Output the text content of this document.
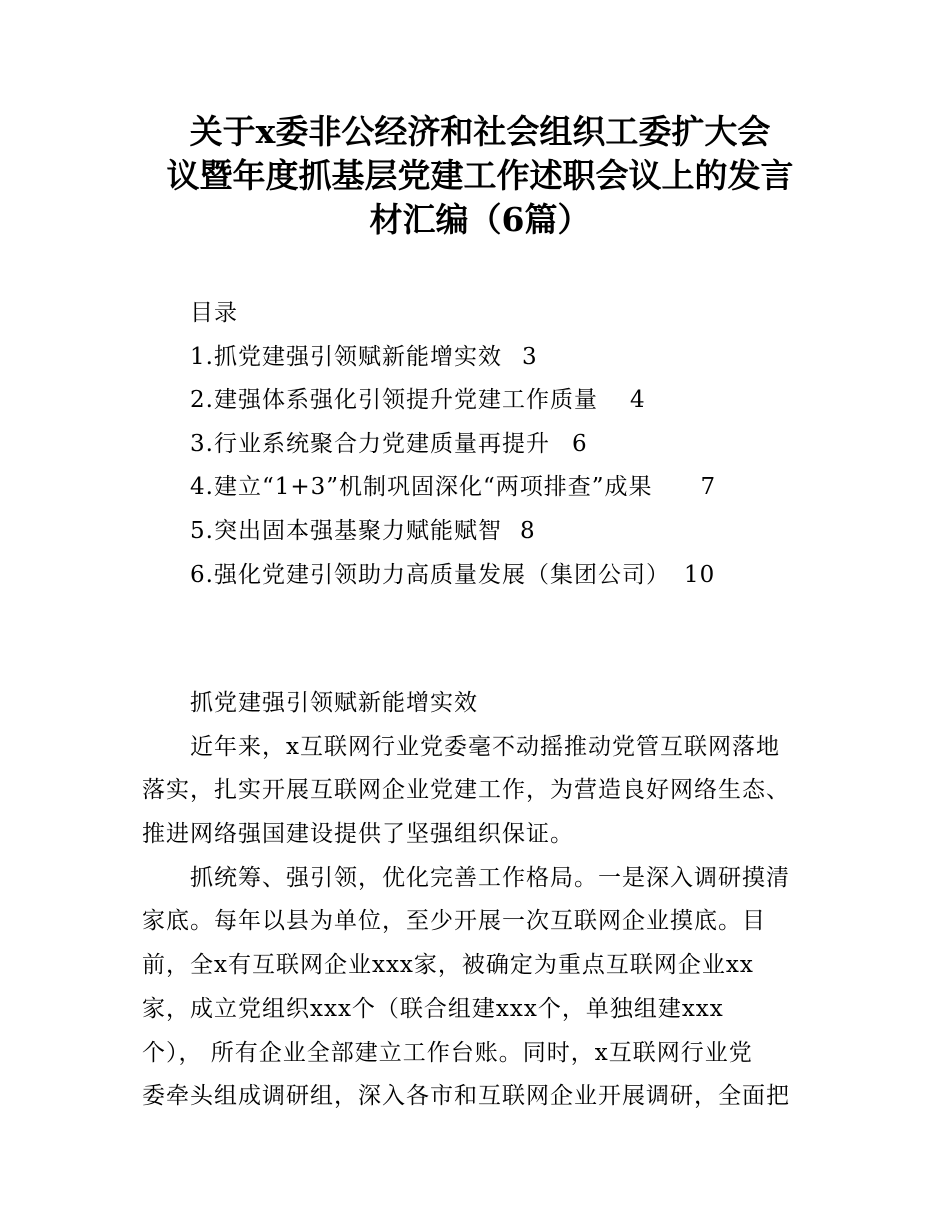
关于x委非公经济和社会组织工委扩大会
议暨年度抓基层党建工作述职会议上的发言
材汇编（6篇）
目录
1.抓党建强引领赋新能增实效 3
2.建强体系强化引领提升党建工作质量 4
3.行业系统聚合力党建质量再提升 6
4.建立“1+3”机制巩固深化“两项排查”成果 7
5.突出固本强基聚力赋能赋智 8
6.强化党建引领助力高质量发展（集团公司） 10
抓党建强引领赋新能增实效
近年来，x互联网行业党委毫不动摇推动党管互联网落地
落实，扎实开展互联网企业党建工作，为营造良好网络生态、
推进网络强国建设提供了坚强组织保证。
抓统筹、强引领，优化完善工作格局。一是深入调研摸清
家底。每年以县为单位，至少开展一次互联网企业摸底。目
前，全x有互联网企业xxx家，被确定为重点互联网企业xx
家，成立党组织xxx个（联合组建xxx个，单独组建xxx
个）， 所有企业全部建立工作台账。同时，x互联网行业党
委牵头组成调研组，深入各市和互联网企业开展调研，全面把
